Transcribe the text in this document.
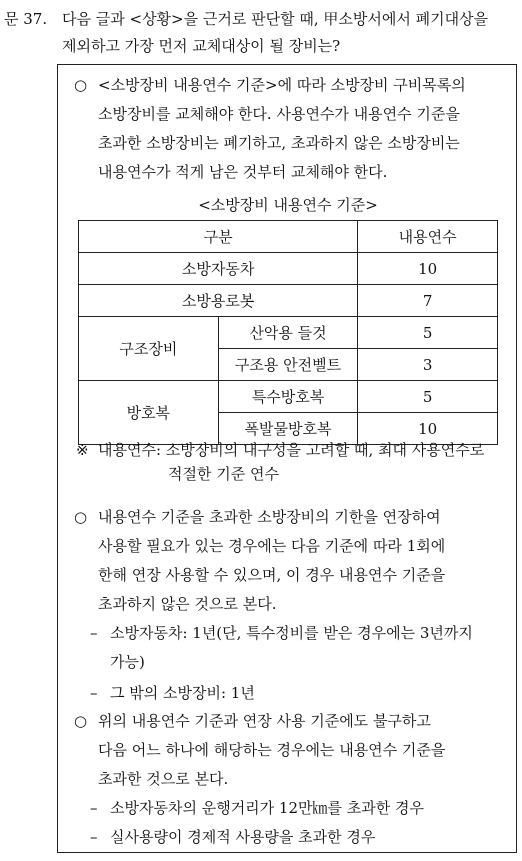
문 37. 다음 글과 <상황>을 근거로 판단할 때, 甲소방서에서 폐기대상을
제외하고 가장 먼저 교체대상이 될 장비는?
○ <소방장비 내용연수 기준>에 따라 소방장비 구비목록의
소방장비를 교체해야 한다. 사용연수가 내용연수 기준을
초과한 소방장비는 폐기하고, 초과하지 않은 소방장비는
내용연수가 적게 남은 것부터 교체해야 한다.
<소방장비 내용연수 기준>
구분		내용연수
소방자동차		10
소방용로봇		7
구조장비	산악용 들것	5
	구조용 안전벨트	3
방호복	특수방호복	5
	폭발물방호복	10
※ 내용연수: 소방장비의 내구성을 고려할 때, 최대 사용연수로
적절한 기준 연수
○ 내용연수 기준을 초과한 소방장비의 기한을 연장하여
사용할 필요가 있는 경우에는 다음 기준에 따라 1회에
한해 연장 사용할 수 있으며, 이 경우 내용연수 기준을
초과하지 않은 것으로 본다.
– 소방자동차: 1년(단, 특수정비를 받은 경우에는 3년까지
가능)
– 그 밖의 소방장비: 1년
○ 위의 내용연수 기준과 연장 사용 기준에도 불구하고
다음 어느 하나에 해당하는 경우에는 내용연수 기준을
초과한 것으로 본다.
– 소방자동차의 운행거리가 12만㎞를 초과한 경우
– 실사용량이 경제적 사용량을 초과한 경우
